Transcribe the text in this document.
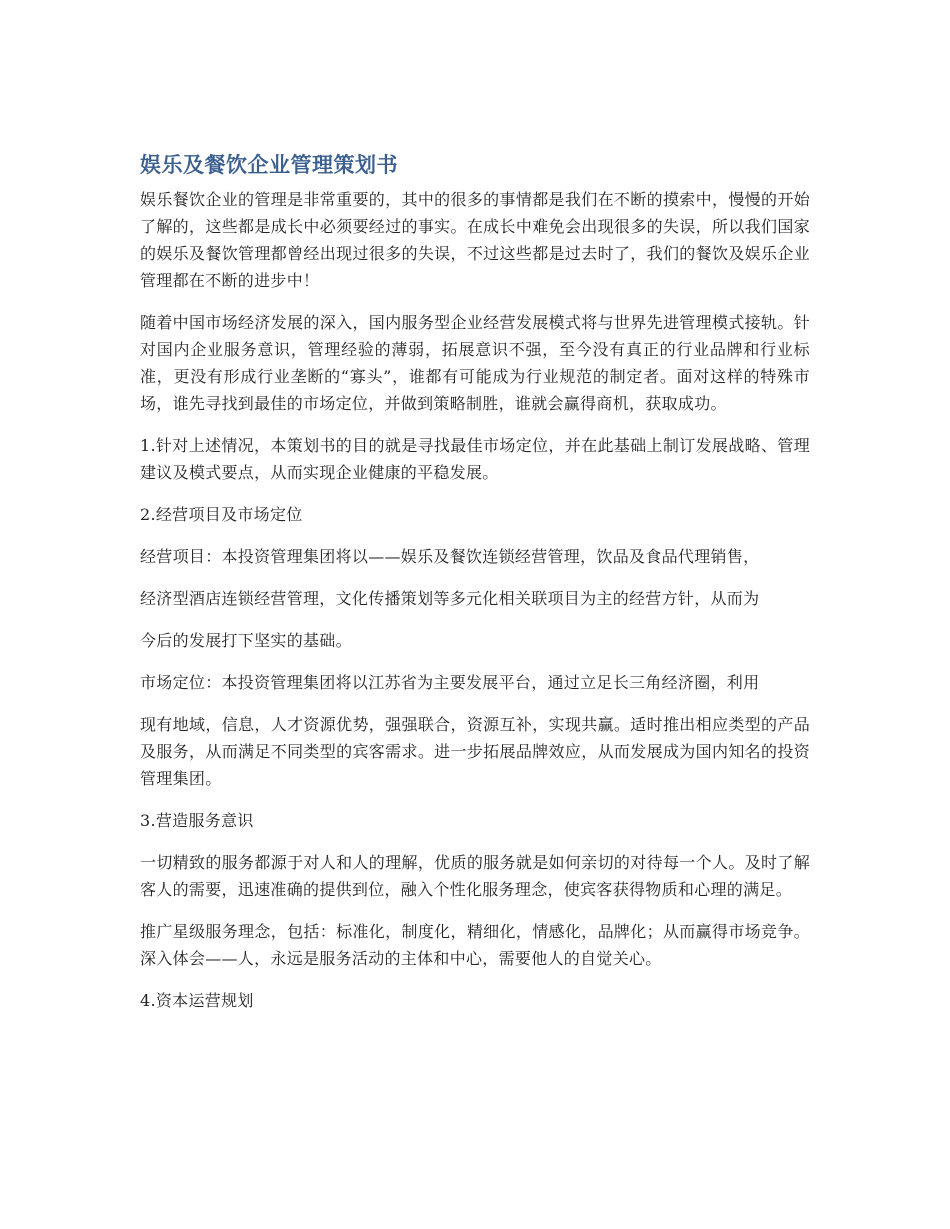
娱乐及餐饮企业管理策划书

娱乐餐饮企业的管理是非常重要的，其中的很多的事情都是我们在不断的摸索中，慢慢的开始了解的，这些都是成长中必须要经过的事实。在成长中难免会出现很多的失误，所以我们国家的娱乐及餐饮管理都曾经出现过很多的失误，不过这些都是过去时了，我们的餐饮及娱乐企业管理都在不断的进步中！

随着中国市场经济发展的深入，国内服务型企业经营发展模式将与世界先进管理模式接轨。针对国内企业服务意识，管理经验的薄弱，拓展意识不强，至今没有真正的行业品牌和行业标准，更没有形成行业垄断的“寡头”，谁都有可能成为行业规范的制定者。面对这样的特殊市场，谁先寻找到最佳的市场定位，并做到策略制胜，谁就会赢得商机，获取成功。

1.针对上述情况，本策划书的目的就是寻找最佳市场定位，并在此基础上制订发展战略、管理建议及模式要点，从而实现企业健康的平稳发展。

2.经营项目及市场定位

经营项目：本投资管理集团将以——娱乐及餐饮连锁经营管理，饮品及食品代理销售，

经济型酒店连锁经营管理，文化传播策划等多元化相关联项目为主的经营方针，从而为

今后的发展打下坚实的基础。

市场定位：本投资管理集团将以江苏省为主要发展平台，通过立足长三角经济圈，利用

现有地域，信息，人才资源优势，强强联合，资源互补，实现共赢。适时推出相应类型的产品及服务，从而满足不同类型的宾客需求。进一步拓展品牌效应，从而发展成为国内知名的投资管理集团。

3.营造服务意识

一切精致的服务都源于对人和人的理解，优质的服务就是如何亲切的对待每一个人。及时了解客人的需要，迅速准确的提供到位，融入个性化服务理念，使宾客获得物质和心理的满足。

推广星级服务理念，包括：标准化，制度化，精细化，情感化，品牌化；从而赢得市场竞争。深入体会——人，永远是服务活动的主体和中心，需要他人的自觉关心。

4.资本运营规划
